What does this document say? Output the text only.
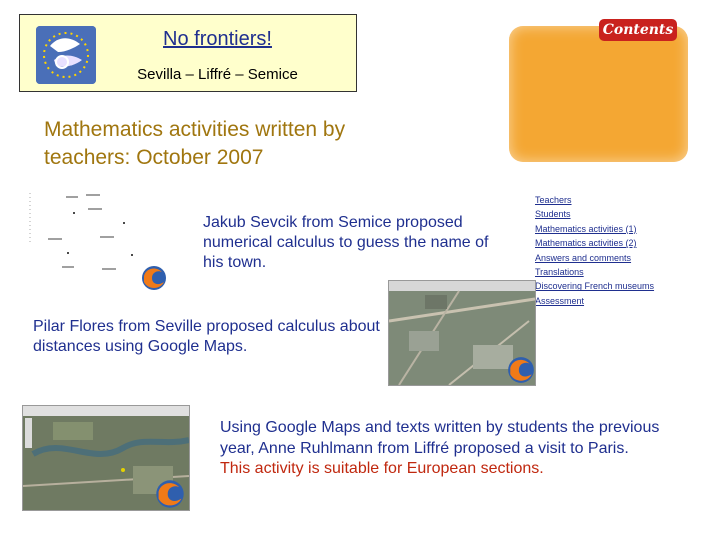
No frontiers!
Sevilla – Liffré – Semice
Mathematics activities written by teachers: October 2007
Contents
Teachers
Students
Mathematics activities (1)
Mathematics activities (2)
Answers and comments
Translations
Discovering French museums
Assessment
Jakub Sevcik from Semice proposed numerical calculus to guess the name of his town.
Pilar Flores from Seville proposed calculus about distances using Google Maps.
Using Google Maps and texts written by students the previous year, Anne Ruhlmann from Liffré proposed a visit to Paris. This activity is suitable for European sections.
